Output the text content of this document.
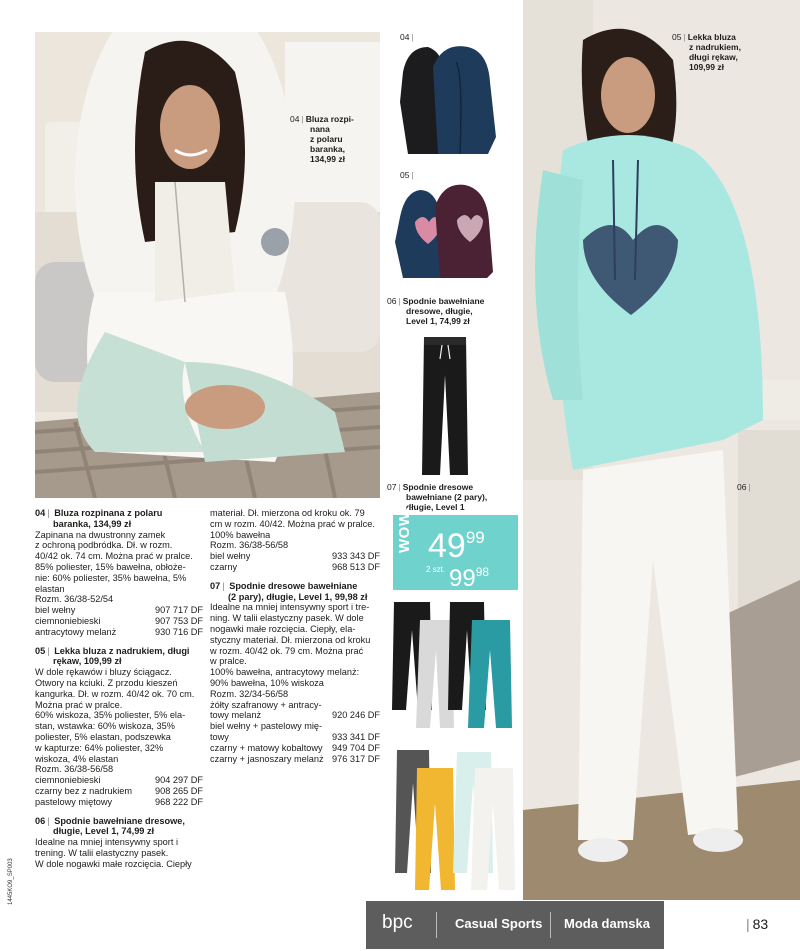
04 | Bluza rozpi-
nana
z polaru
baranka,
134,99 zł
04 |
05 |
06 | Spodnie bawełniane
dresowe, długie,
Level 1, 74,99 zł
07 | Spodnie dresowe
bawełniane (2 pary),
długie, Level 1
05 | Lekka bluza
z nadrukiem,
długi rękaw,
109,99 zł
06 |

04 | Bluza rozpinana z polaru

baranka, 134,99 zł

Zapinana na dwustronny zamek

z ochroną podbródka. Dł. w rozm.

40/42 ok. 74 cm. Można prać w pralce.

85% poliester, 15% bawełna, obłoże-

nie: 60% poliester, 35% bawełna, 5%

elastan

Rozm. 36/38-52/54

biel wełny	907 717 DF
ciemnoniebieski	907 753 DF
antracytowy melanż	930 716 DF

05 | Lekka bluza z nadrukiem, długi

rękaw, 109,99 zł

W dole rękawów i bluzy ściągacz.

Otwory na kciuki. Z przodu kieszeń

kangurka. Dł. w rozm. 40/42 ok. 70 cm.

Można prać w pralce.

60% wiskoza, 35% poliester, 5% ela-

stan, wstawka: 60% wiskoza, 35%

poliester, 5% elastan, podszewka

w kapturze: 64% poliester, 32%

wiskoza, 4% elastan

Rozm. 36/38-56/58

ciemnoniebieski	904 297 DF
czarny bez z nadrukiem 908 265 DF
pastelowy miętowy	968 222 DF

06 | Spodnie bawełniane dresowe,

długie, Level 1, 74,99 zł

Idealne na mniej intensywny sport i

trening. W talii elastyczny pasek.

W dole nogawki małe rozcięcia. Ciepły

materiał. Dł. mierzona od kroku ok. 79

cm w rozm. 40/42. Można prać w pralce.

100% bawełna

Rozm. 36/38-56/58

biel wełny	933 343 DF
czarny	968 513 DF

07 | Spodnie dresowe bawełniane

(2 pary), długie, Level 1, 99,98 zł

Idealne na mniej intensywny sport i tre-

ning. W talii elastyczny pasek. W dole

nogawki małe rozcięcia. Ciepły, ela-

styczny materiał. Dł. mierzona od kroku

w rozm. 40/42 ok. 79 cm. Można prać

w pralce.

100% bawełna, antracytowy melanż:

90% bawełna, 10% wiskoza

Rozm. 32/34-56/58

żółty szafranowy + antracy-

towy melanż	920 246 DF

biel wełny + pastelowy mię-

towy	933 341 DF
czarny + matowy kobaltowy 949 704 DF
czarny + jasnoszary melanż 976 317 DF
WOW! $49^{99}$
2 szt. $99^{98}$
bpc	Casual Sports Moda damska	| 83
1445KO9_SP003
